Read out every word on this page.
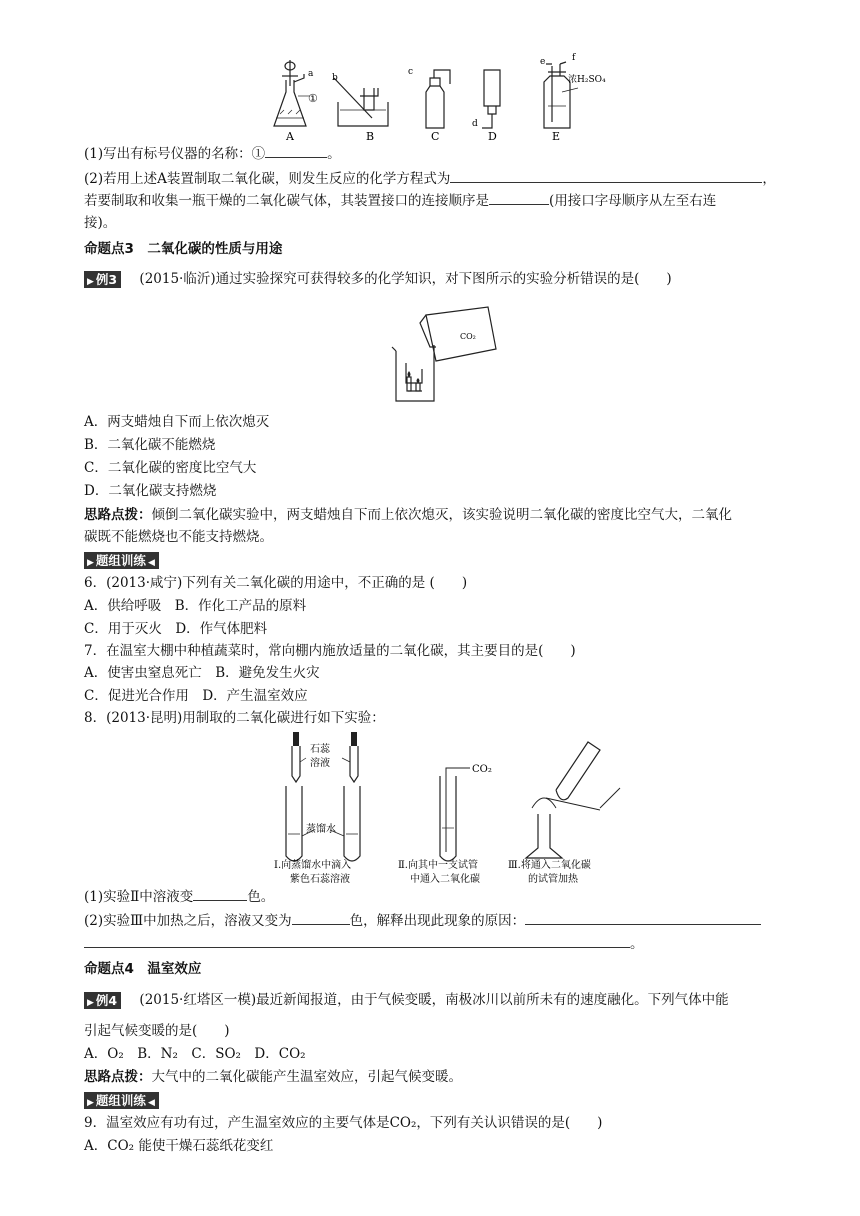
a
①
b
c
d
e	f
浓H₂SO₄
A	B	C	D	E
(1)写出有标号仪器的名称：①	。
(2)若用上述A装置制取二氧化碳，则发生反应的化学方程式为	，
若要制取和收集一瓶干燥的二氧化碳气体，其装置接口的连接顺序是	(用接口字母顺序从左至右连
接)。
命题点3　二氧化碳的性质与用途
▶ 例3 (2015·临沂)通过实验探究可获得较多的化学知识，对下图所示的实验分析错误的是(　　)
CO₂
A．两支蜡烛自下而上依次熄灭
B．二氧化碳不能燃烧
C．二氧化碳的密度比空气大
D．二氧化碳支持燃烧
思路点拨：倾倒二氧化碳实验中，两支蜡烛自下而上依次熄灭，该实验说明二氧化碳的密度比空气大，二氧化
碳既不能燃烧也不能支持燃烧。
▶ 题组训练 ◀
6．(2013·咸宁)下列有关二氧化碳的用途中，不正确的是 (　　)
A．供给呼吸　B．作化工产品的原料
C．用于灭火　D．作气体肥料
7．在温室大棚中种植蔬菜时，常向棚内施放适量的二氧化碳，其主要目的是(　　)
A．使害虫窒息死亡　B．避免发生火灾
C．促进光合作用　D．产生温室效应
8．(2013·昆明)用制取的二氧化碳进行如下实验：
石蕊
溶液
蒸馏水
CO₂
Ⅰ.向蒸馏水中滴入
紫色石蕊溶液
Ⅱ.向其中一支试管
中通入二氧化碳
Ⅲ.将通入二氧化碳
的试管加热
(1)实验Ⅱ中溶液变	色。
(2)实验Ⅲ中加热之后，溶液又变为	色，解释出现此现象的原因：
。
命题点4　温室效应
▶ 例4 (2015·红塔区一模)最近新闻报道，由于气候变暖，南极冰川以前所未有的速度融化。下列气体中能
引起气候变暖的是(　　)
A．O₂　B．N₂　C．SO₂　D．CO₂
思路点拨：大气中的二氧化碳能产生温室效应，引起气候变暖。
▶ 题组训练 ◀
9．温室效应有功有过，产生温室效应的主要气体是CO₂，下列有关认识错误的是(　　)
A．CO₂ 能使干燥石蕊纸花变红
